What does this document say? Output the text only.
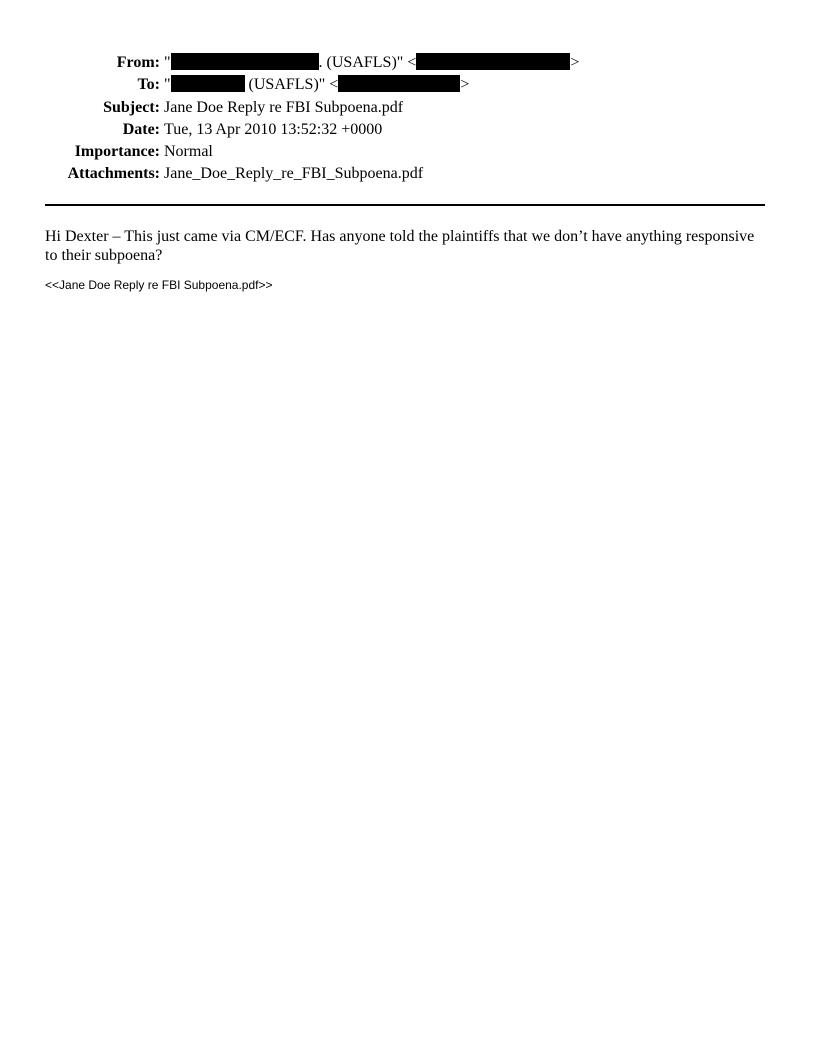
From: "	. (USAFLS)" <	>
To: "	(USAFLS)" <	>
Subject: Jane Doe Reply re FBI Subpoena.pdf
Date: Tue, 13 Apr 2010 13:52:32 +0000
Importance: Normal
Attachments: Jane_Doe_Reply_re_FBI_Subpoena.pdf
Hi Dexter – This just came via CM/ECF. Has anyone told the plaintiffs that we don’t have anything responsive to their subpoena?
<<Jane Doe Reply re FBI Subpoena.pdf>>
